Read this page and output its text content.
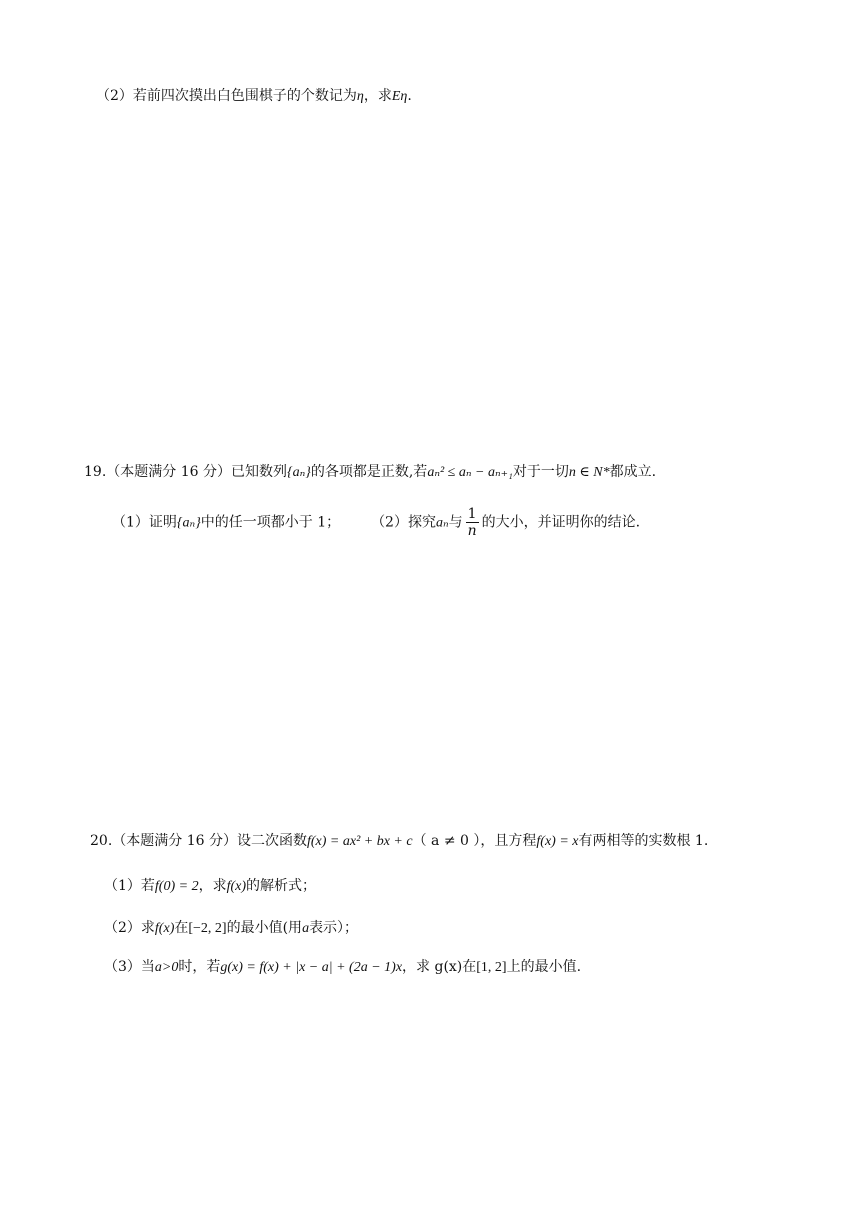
（2）若前四次摸出白色围棋子的个数记为η，求Eη.
19.（本题满分 16 分）已知数列{aₙ}的各项都是正数,若aₙ² ≤ aₙ − aₙ₊₁对于一切n ∈ N*都成立.
（1）证明{aₙ}中的任一项都小于 1； （2）探究aₙ与 $\frac{1}{n}$ 的大小，并证明你的结论.
20.（本题满分 16 分）设二次函数f(x) = ax² + bx + c（ a ≠ 0 ），且方程f(x) = x有两相等的实数根 1.
（1）若f(0) = 2，求f(x)的解析式；
（2）求f(x)在[−2, 2]的最小值(用a表示）；
（3）当a>0时，若g(x) = f(x) + |x − a| + (2a − 1)x，求 g(x)在[1, 2]上的最小值.
